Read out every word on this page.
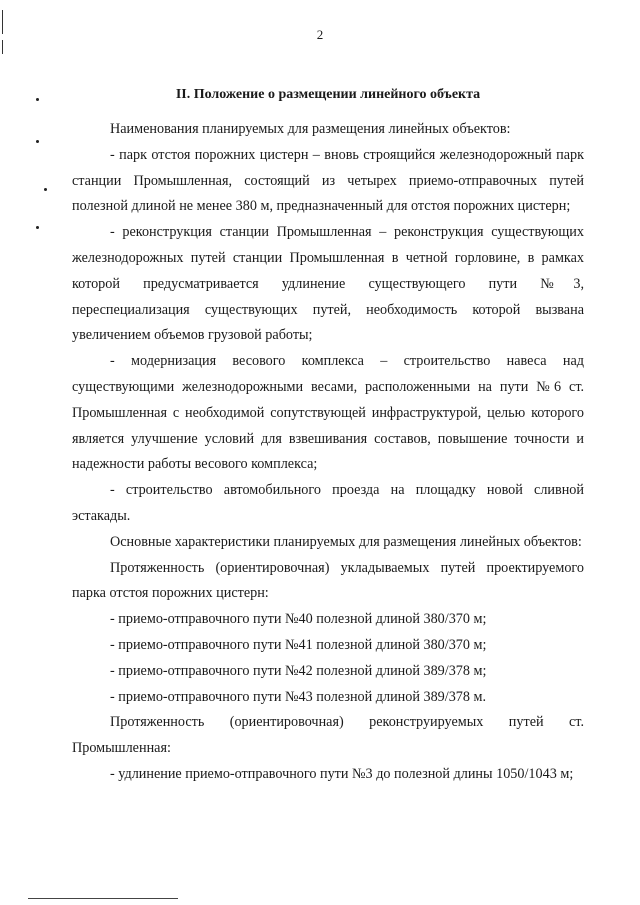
2
II. Положение о размещении линейного объекта

Наименования планируемых для размещения линейных объектов:

- парк отстоя порожних цистерн – вновь строящийся железнодорожный парк станции Промышленная, состоящий из четырех приемо-отправочных путей полезной длиной не менее 380 м, предназначенный для отстоя порожних цистерн;

- реконструкция станции Промышленная – реконструкция существующих железнодорожных путей станции Промышленная в четной горловине, в рамках которой предусматривается удлинение существующего пути №3, переспециализация существующих путей, необходимость которой вызвана увеличением объемов грузовой работы;

- модернизация весового комплекса – строительство навеса над существующими железнодорожными весами, расположенными на пути №6 ст. Промышленная с необходимой сопутствующей инфраструктурой, целью которого является улучшение условий для взвешивания составов, повышение точности и надежности работы весового комплекса;

- строительство автомобильного проезда на площадку новой сливной эстакады.

Основные характеристики планируемых для размещения линейных объектов:

Протяженность (ориентировочная) укладываемых путей проектируемого парка отстоя порожних цистерн:

- приемо-отправочного пути №40 полезной длиной 380/370 м;

- приемо-отправочного пути №41 полезной длиной 380/370 м;

- приемо-отправочного пути №42 полезной длиной 389/378 м;

- приемо-отправочного пути №43 полезной длиной 389/378 м.

Протяженность (ориентировочная) реконструируемых путей ст. Промышленная:

- удлинение приемо-отправочного пути №3 до полезной длины 1050/1043 м;
